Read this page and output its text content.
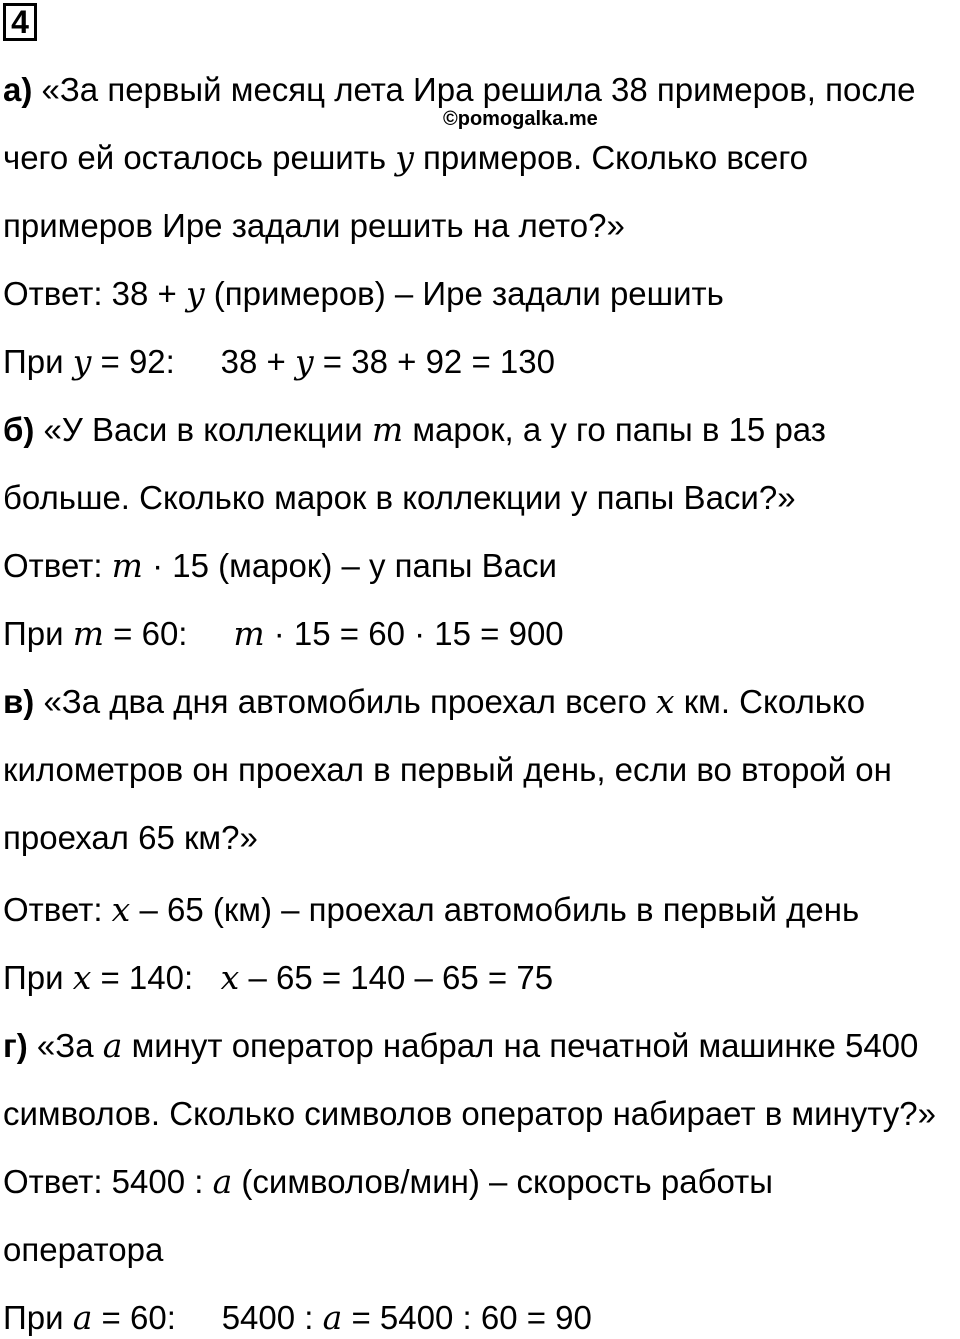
4
©pomogalka.me
а) «За первый месяц лета Ира решила 38 примеров, после
чего ей осталось решить y примеров. Сколько всего
примеров Ире задали решить на лето?»
Ответ: 38 + y (примеров) – Ире задали решить
При y = 92:     38 + y = 38 + 92 = 130
б) «У Васи в коллекции m марок, а у го папы в 15 раз
больше. Сколько марок в коллекции у папы Васи?»
Ответ: m · 15 (марок) – у папы Васи
При m = 60:     m · 15 = 60 · 15 = 900
в) «За два дня автомобиль проехал всего x км. Сколько
километров он проехал в первый день, если во второй он
проехал 65 км?»
Ответ: x – 65 (км) – проехал автомобиль в первый день
При x = 140:   x – 65 = 140 – 65 = 75
г) «За a минут оператор набрал на печатной машинке 5400
символов. Сколько символов оператор набирает в минуту?»
Ответ: 5400 : a (символов/мин) – скорость работы
оператора
При a = 60:     5400 : a = 5400 : 60 = 90
